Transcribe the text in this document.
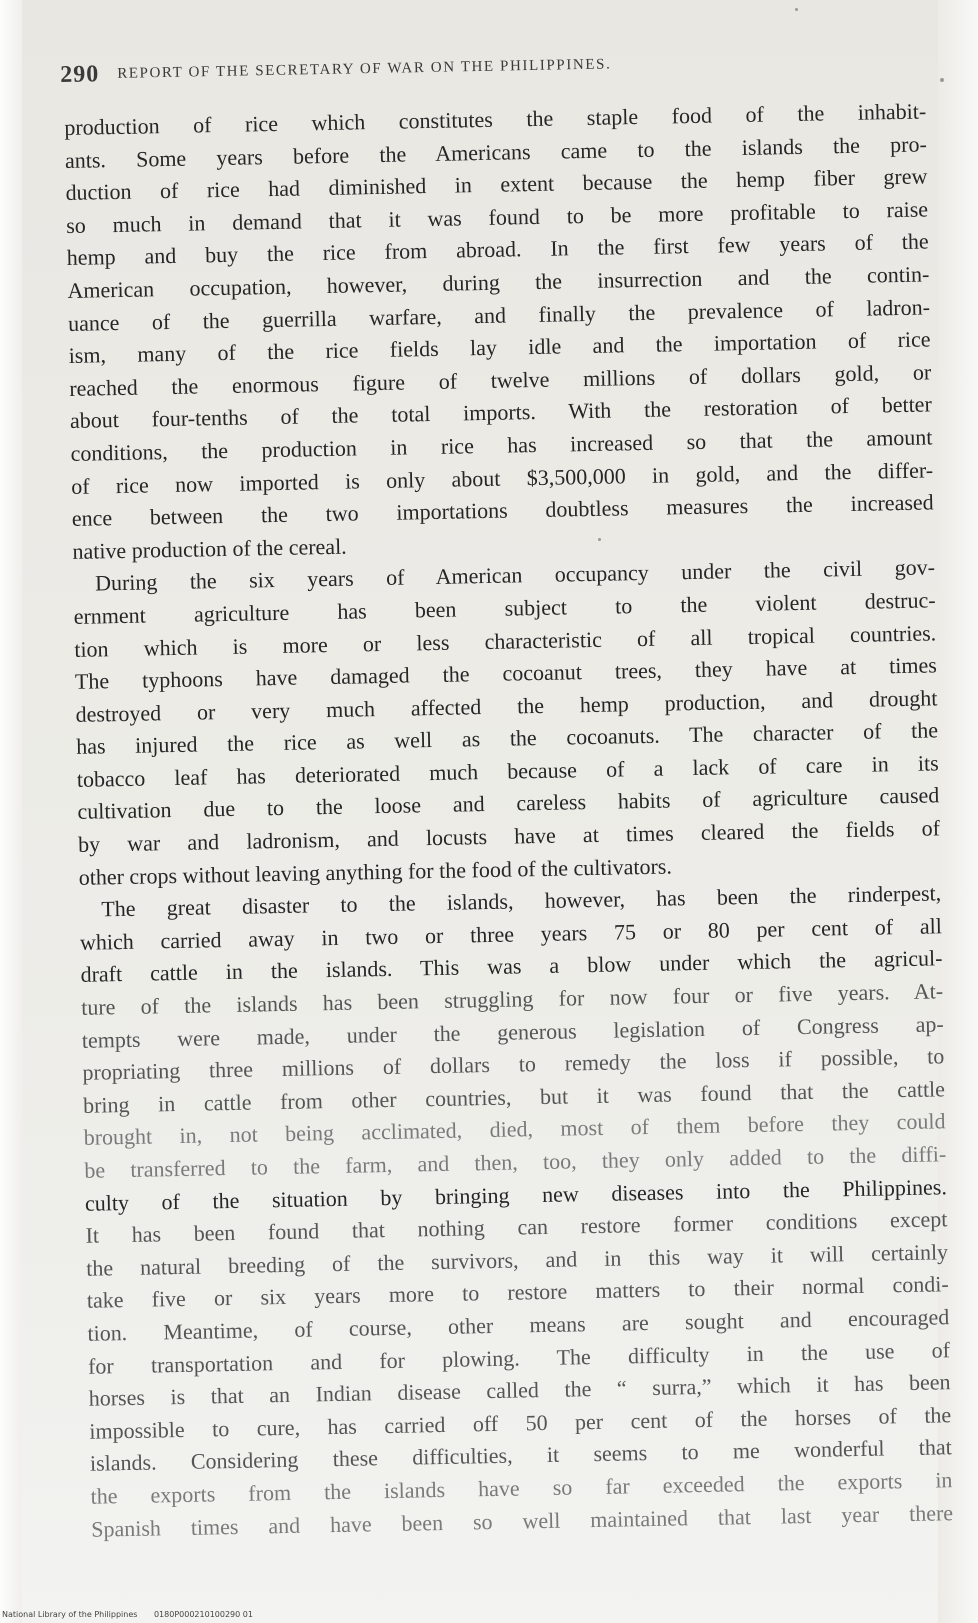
290 REPORT OF THE SECRETARY OF WAR ON THE PHILIPPINES.
production of rice which constitutes the staple food of the inhabit-
ants. Some years before the Americans came to the islands the pro-
duction of rice had diminished in extent because the hemp fiber grew
so much in demand that it was found to be more profitable to raise
hemp and buy the rice from abroad. In the first few years of the
American occupation, however, during the insurrection and the contin-
uance of the guerrilla warfare, and finally the prevalence of ladron-
ism, many of the rice fields lay idle and the importation of rice
reached the enormous figure of twelve millions of dollars gold, or
about four-tenths of the total imports. With the restoration of better
conditions, the production in rice has increased so that the amount
of rice now imported is only about $3,500,000 in gold, and the differ-
ence between the two importations doubtless measures the increased
native production of the cereal.
During the six years of American occupancy under the civil gov-
ernment agriculture has been subject to the violent destruc-
tion which is more or less characteristic of all tropical countries.
The typhoons have damaged the cocoanut trees, they have at times
destroyed or very much affected the hemp production, and drought
has injured the rice as well as the cocoanuts. The character of the
tobacco leaf has deteriorated much because of a lack of care in its
cultivation due to the loose and careless habits of agriculture caused
by war and ladronism, and locusts have at times cleared the fields of
other crops without leaving anything for the food of the cultivators.
The great disaster to the islands, however, has been the rinderpest,
which carried away in two or three years 75 or 80 per cent of all
draft cattle in the islands. This was a blow under which the agricul-
ture of the islands has been struggling for now four or five years. At-
tempts were made, under the generous legislation of Congress ap-
propriating three millions of dollars to remedy the loss if possible, to
bring in cattle from other countries, but it was found that the cattle
brought in, not being acclimated, died, most of them before they could
be transferred to the farm, and then, too, they only added to the diffi-
culty of the situation by bringing new diseases into the Philippines.
It has been found that nothing can restore former conditions except
the natural breeding of the survivors, and in this way it will certainly
take five or six years more to restore matters to their normal condi-
tion. Meantime, of course, other means are sought and encouraged
for transportation and for plowing. The difficulty in the use of
horses is that an Indian disease called the “ surra,” which it has been
impossible to cure, has carried off 50 per cent of the horses of the
islands. Considering these difficulties, it seems to me wonderful that
the exports from the islands have so far exceeded the exports in
Spanish times and have been so well maintained that last year there
National Library of the Philippines 0180P000210100290 01
